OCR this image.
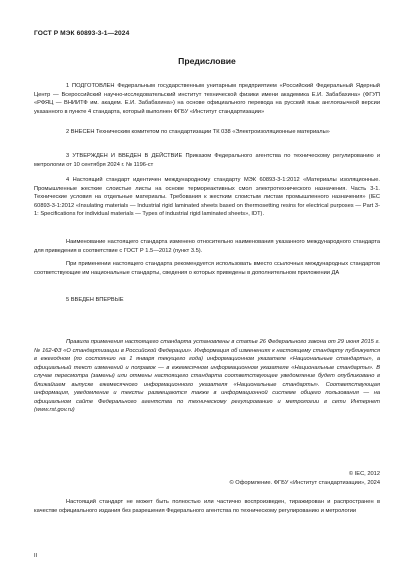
ГОСТ Р МЭК 60893-3-1—2024
Предисловие

1 ПОДГОТОВЛЕН Федеральным государственным унитарным предприятием «Российский Федеральный Ядерный Центр — Всероссийский научно-исследовательский институт технической физики имени академика Е.И. Забабахина» (ФГУП «РФЯЦ — ВНИИТФ им. академ. Е.И. Забабахина») на основе официального перевода на русский язык англоязычной версии указанного в пункте 4 стандарта, который выполнен ФГБУ «Институт стандартизации»

2 ВНЕСЕН Техническим комитетом по стандартизации ТК 038 «Электроизоляционные материалы»

3 УТВЕРЖДЕН И ВВЕДЕН В ДЕЙСТВИЕ Приказом Федерального агентства по техническому регулированию и метрологии от 10 сентября 2024 г. № 1196-ст

4 Настоящий стандарт идентичен международному стандарту МЭК 60893-3-1:2012 «Материалы изоляционные. Промышленные жесткие слоистые листы на основе термореактивных смол электротехнического назначения. Часть 3-1. Технические условия на отдельные материалы. Требования к жестким слоистым листам промышленного назначения» (IEC 60893-3-1:2012 «Insulating materials — Industrial rigid laminated sheets based on thermosetting resins for electrical purposes — Part 3-1: Specifications for individual materials — Types of industrial rigid laminated sheets», IDT).

Наименование настоящего стандарта изменено относительно наименования указанного международного стандарта для приведения в соответствие с ГОСТ Р 1.5—2012 (пункт 3.5).

При применении настоящего стандарта рекомендуется использовать вместо ссылочных международных стандартов соответствующие им национальные стандарты, сведения о которых приведены в дополнительном приложении ДА

5 ВВЕДЕН ВПЕРВЫЕ

Правила применения настоящего стандарта установлены в статье 26 Федерального закона от 29 июня 2015 г. № 162-ФЗ «О стандартизации в Российской Федерации». Информация об изменениях к настоящему стандарту публикуется в ежегодном (по состоянию на 1 января текущего года) информационном указателе «Национальные стандарты», а официальный текст изменений и поправок — в ежемесячном информационном указателе «Национальные стандарты». В случае пересмотра (замены) или отмены настоящего стандарта соответствующее уведомление будет опубликовано в ближайшем выпуске ежемесячного информационного указателя «Национальные стандарты». Соответствующая информация, уведомление и тексты размещаются также в информационной системе общего пользования — на официальном сайте Федерального агентства по техническому регулированию и метрологии в сети Интернет (www.rst.gov.ru)

© IEC, 2012
© Оформление. ФГБУ «Институт стандартизации», 2024

Настоящий стандарт не может быть полностью или частично воспроизведен, тиражирован и распространен в качестве официального издания без разрешения Федерального агентства по техническому регулированию и метрологии

II
